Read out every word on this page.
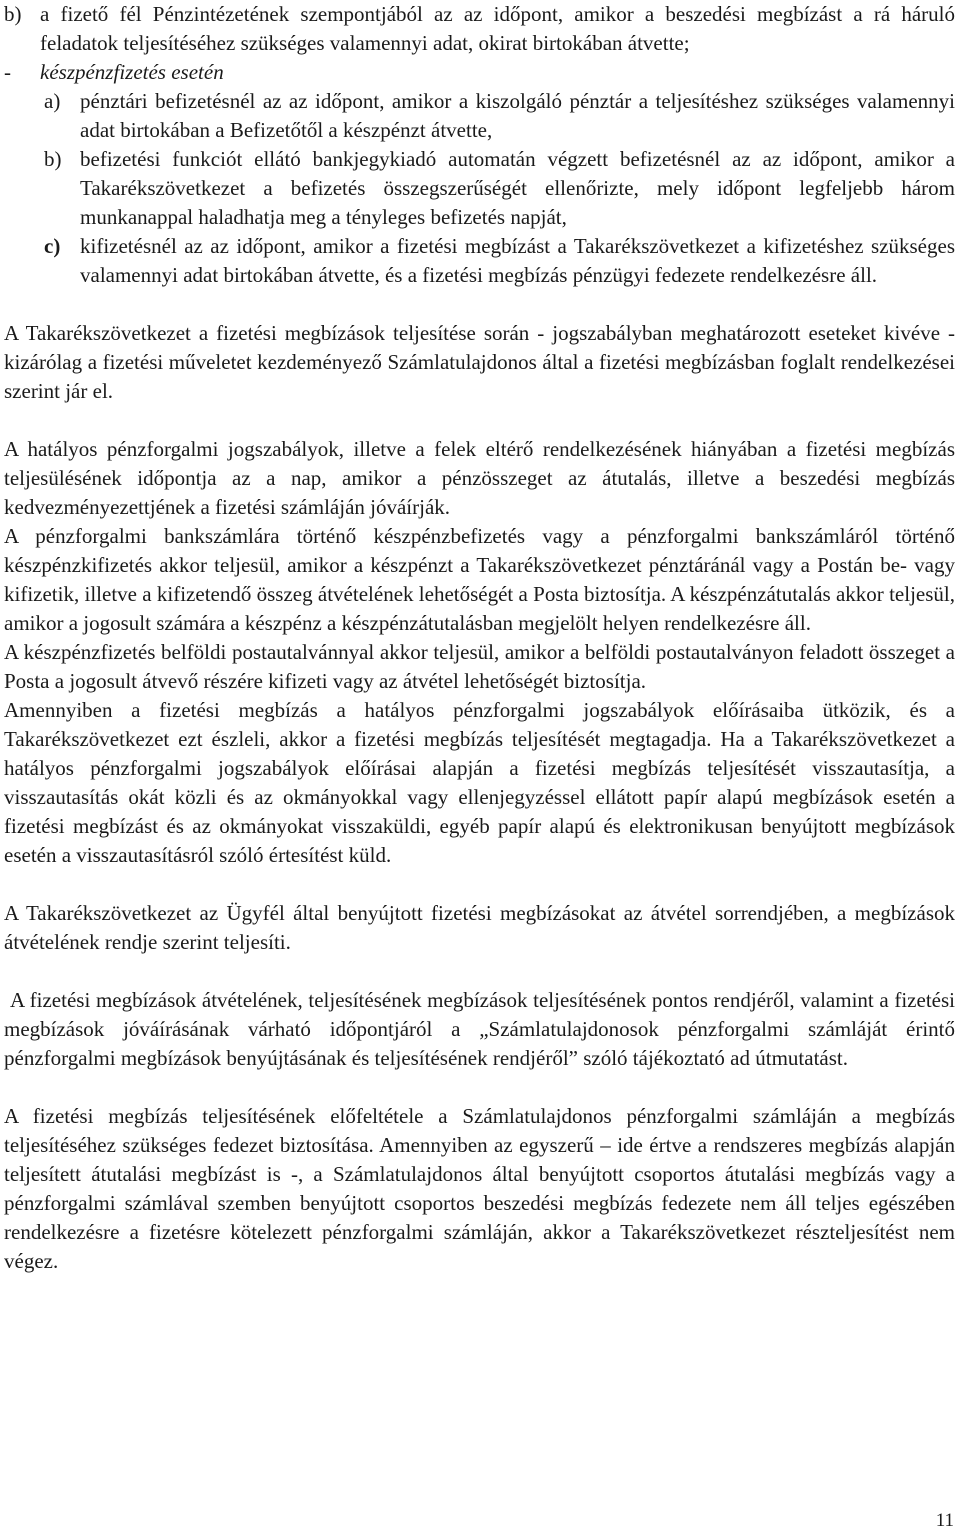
b) a fizető fél Pénzintézetének szempontjából az az időpont, amikor a beszedési megbízást a rá háruló feladatok teljesítéséhez szükséges valamennyi adat, okirat birtokában átvette;
- készpénzfizetés esetén
a) pénztári befizetésnél az az időpont, amikor a kiszolgáló pénztár a teljesítéshez szükséges valamennyi adat birtokában a Befizetőtől a készpénzt átvette,
b) befizetési funkciót ellátó bankjegykiadó automatán végzett befizetésnél az az időpont, amikor a Takarékszövetkezet a befizetés összegszerűségét ellenőrizte, mely időpont legfeljebb három munkanappal haladhatja meg a tényleges befizetés napját,
c) kifizetésnél az az időpont, amikor a fizetési megbízást a Takarékszövetkezet a kifizetéshez szükséges valamennyi adat birtokában átvette, és a fizetési megbízás pénzügyi fedezete rendelkezésre áll.

A Takarékszövetkezet a fizetési megbízások teljesítése során - jogszabályban meghatározott eseteket kivéve - kizárólag a fizetési műveletet kezdeményező Számlatulajdonos által a fizetési megbízásban foglalt rendelkezései szerint jár el.

A hatályos pénzforgalmi jogszabályok, illetve a felek eltérő rendelkezésének hiányában a fizetési megbízás teljesülésének időpontja az a nap, amikor a pénzösszeget az átutalás, illetve a beszedési megbízás kedvezményezettjének a fizetési számláján jóváírják.

A pénzforgalmi bankszámlára történő készpénzbefizetés vagy a pénzforgalmi bankszámláról történő készpénzkifizetés akkor teljesül, amikor a készpénzt a Takarékszövetkezet pénztáránál vagy a Postán be- vagy kifizetik, illetve a kifizetendő összeg átvételének lehetőségét a Posta biztosítja. A készpénzátutalás akkor teljesül, amikor a jogosult számára a készpénz a készpénzátutalásban megjelölt helyen rendelkezésre áll.

A készpénzfizetés belföldi postautalvánnyal akkor teljesül, amikor a belföldi postautalványon feladott összeget a Posta a jogosult átvevő részére kifizeti vagy az átvétel lehetőségét biztosítja.

Amennyiben a fizetési megbízás a hatályos pénzforgalmi jogszabályok előírásaiba ütközik, és a Takarékszövetkezet ezt észleli, akkor a fizetési megbízás teljesítését megtagadja. Ha a Takarékszövetkezet a hatályos pénzforgalmi jogszabályok előírásai alapján a fizetési megbízás teljesítését visszautasítja, a visszautasítás okát közli és az okmányokkal vagy ellenjegyzéssel ellátott papír alapú megbízások esetén a fizetési megbízást és az okmányokat visszaküldi, egyéb papír alapú és elektronikusan benyújtott megbízások esetén a visszautasításról szóló értesítést küld.

A Takarékszövetkezet az Ügyfél által benyújtott fizetési megbízásokat az átvétel sorrendjében, a megbízások átvételének rendje szerint teljesíti.

A fizetési megbízások átvételének, teljesítésének megbízások teljesítésének pontos rendjéről, valamint a fizetési megbízások jóváírásának várható időpontjáról a „Számlatulajdonosok pénzforgalmi számláját érintő pénzforgalmi megbízások benyújtásának és teljesítésének rendjéről” szóló tájékoztató ad útmutatást.

A fizetési megbízás teljesítésének előfeltétele a Számlatulajdonos pénzforgalmi számláján a megbízás teljesítéséhez szükséges fedezet biztosítása. Amennyiben az egyszerű – ide értve a rendszeres megbízás alapján teljesített átutalási megbízást is -, a Számlatulajdonos által benyújtott csoportos átutalási megbízás vagy a pénzforgalmi számlával szemben benyújtott csoportos beszedési megbízás fedezete nem áll teljes egészében rendelkezésre a fizetésre kötelezett pénzforgalmi számláján, akkor a Takarékszövetkezet részteljesítést nem végez.

11
